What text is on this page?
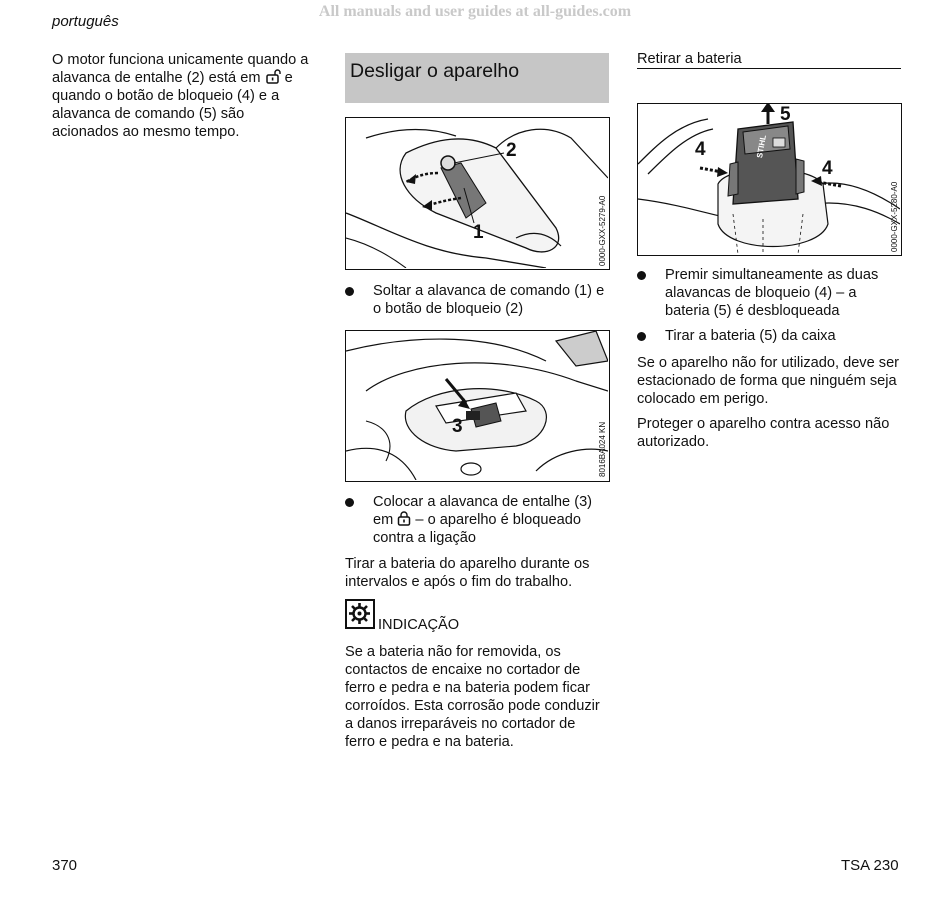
All manuals and user guides at all-guides.com
português
O motor funciona unicamente quando a
alavanca de entalhe (2) está em e
quando o botão de bloqueio (4) e a
alavanca de comando (5) são
acionados ao mesmo tempo.
Desligar o aparelho
2
1	0000-GXX-5279-A0
Soltar a alavanca de comando (1) e
o botão de bloqueio (2)
3	8016BA024 KN
Colocar a alavanca de entalhe (3)
em – o aparelho é bloqueado
contra a ligação
Tirar a bateria do aparelho durante os
intervalos e após o fim do trabalho.
INDICAÇÃO
Se a bateria não for removida, os
contactos de encaixe no cortador de
ferro e pedra e na bateria podem ficar
corroídos. Esta corrosão pode conduzir
a danos irreparáveis no cortador de
ferro e pedra e na bateria.
Retirar a bateria
5
4
4
STIHL
0000-GXX-5280-A0
Premir simultaneamente as duas
alavancas de bloqueio (4) – a
bateria (5) é desbloqueada
Tirar a bateria (5) da caixa
Se o aparelho não for utilizado, deve ser
estacionado de forma que ninguém seja
colocado em perigo.
Proteger o aparelho contra acesso não
autorizado.
370	TSA 230
